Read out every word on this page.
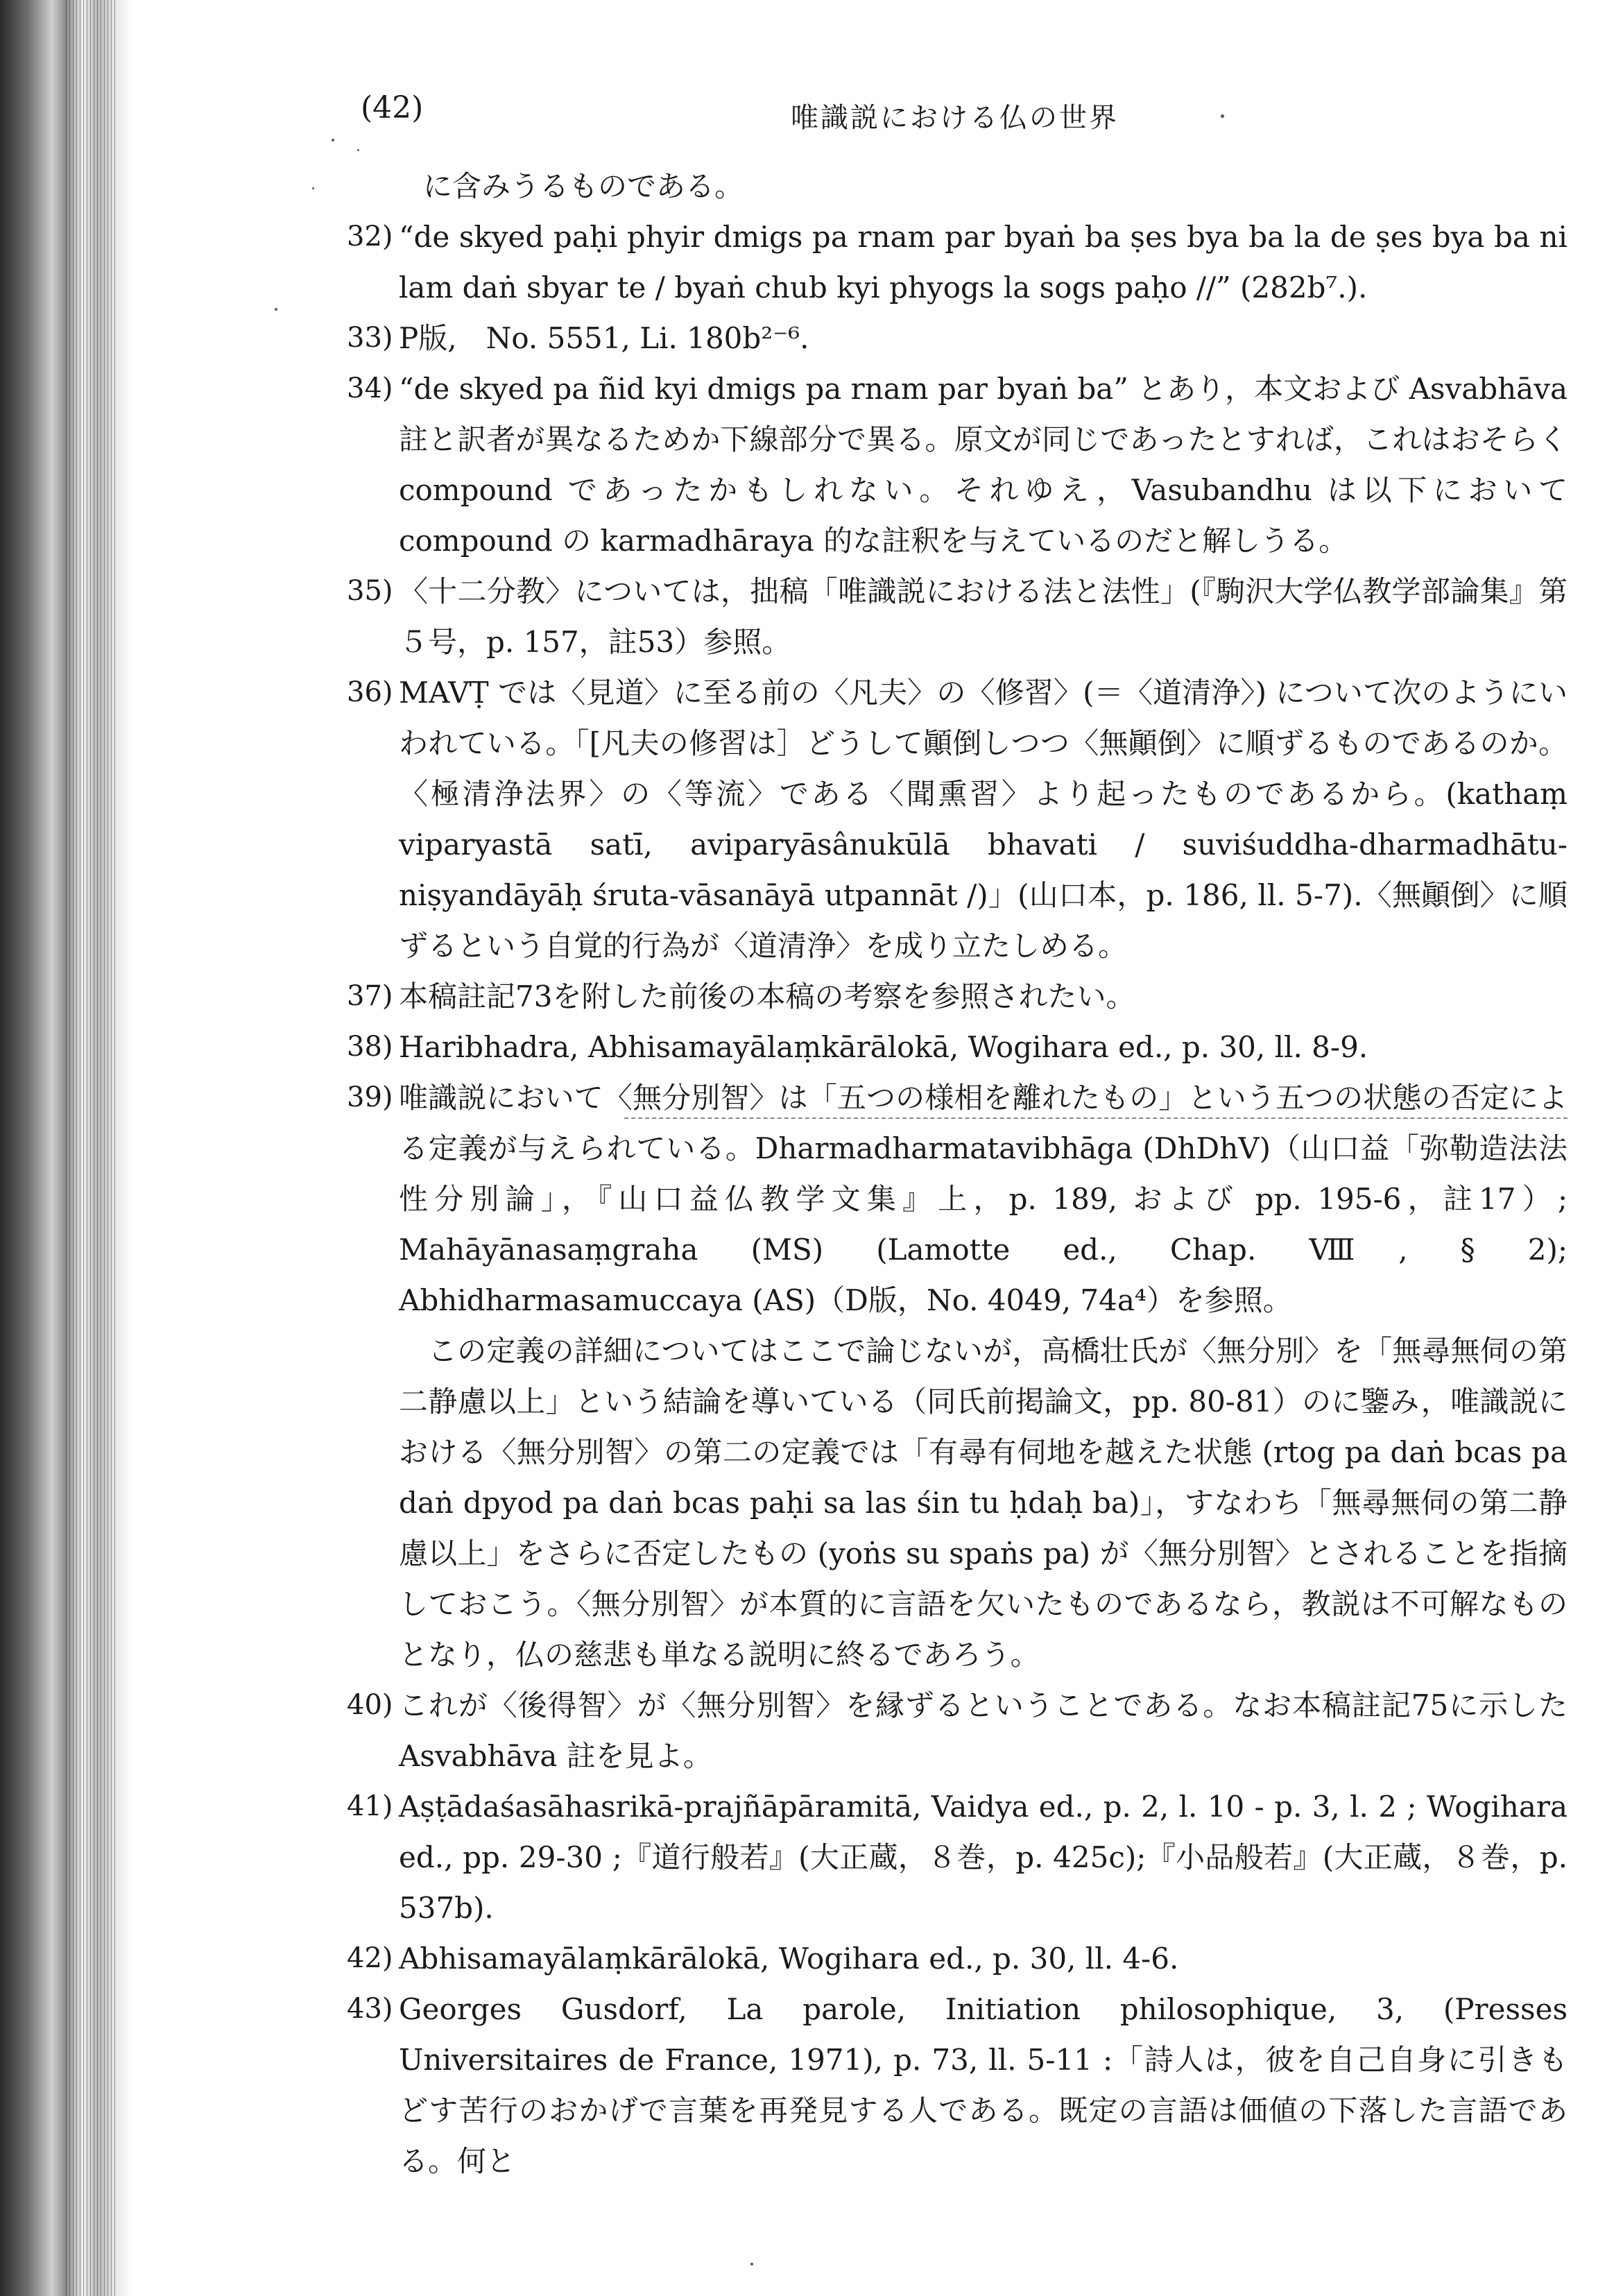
(42)	唯識説における仏の世界
に含みうるものである。
32) “de skyed paḥi phyir dmigs pa rnam par byaṅ ba ṣes bya ba la de ṣes bya ba ni lam daṅ sbyar te / byaṅ chub kyi phyogs la sogs paḥo //” (282b⁷.).
33) P版,　No. 5551, Li. 180b²⁻⁶.
34) “de skyed pa ñid kyi dmigs pa rnam par byaṅ ba” とあり，本文および Asvabhāva 註と訳者が異なるためか下線部分で異る。原文が同じであったとすれば，これはおそらく compound であったかもしれない。それゆえ，Vasubandhu は以下において compound の karmadhāraya 的な註釈を与えているのだと解しうる。
35) 〈十二分教〉については，拙稿「唯識説における法と法性」(『駒沢大学仏教学部論集』第５号，p. 157，註53）参照。
36) MAVṬ では〈見道〉に至る前の〈凡夫〉の〈修習〉(＝〈道清浄〉) について次のようにいわれている。「[凡夫の修習は］どうして顚倒しつつ〈無顚倒〉に順ずるものであるのか。〈極清浄法界〉の〈等流〉である〈聞熏習〉より起ったものであるから。(kathaṃ viparyastā satī, aviparyāsânukūlā bhavati / suviśuddha-dharmadhātu-niṣyandāyāḥ śruta-vāsanāyā utpannāt /)」(山口本，p. 186, ll. 5-7).〈無顚倒〉に順ずるという自覚的行為が〈道清浄〉を成り立たしめる。
37) 本稿註記73を附した前後の本稿の考察を参照されたい。
38) Haribhadra, Abhisamayālaṃkārālokā, Wogihara ed., p. 30, ll. 8-9.
39) 唯識説において〈無分別智〉は「五つの様相を離れたもの」という五つの状態の否定による定義が与えられている。Dharmadharmatavibhāga (DhDhV)（山口益「弥勒造法法性分別論」，『山口益仏教学文集』上，p. 189, および pp. 195-6，註17）; Mahāyānasaṃgraha (MS) (Lamotte ed., Chap. Ⅷ, § 2); Abhidharmasamuccaya (AS)（D版，No. 4049, 74a⁴）を参照。
この定義の詳細についてはここで論じないが，高橋壮氏が〈無分別〉を「無尋無伺の第二静慮以上」という結論を導いている（同氏前掲論文，pp. 80-81）のに鑒み，唯識説における〈無分別智〉の第二の定義では「有尋有伺地を越えた状態 (rtog pa daṅ bcas pa daṅ dpyod pa daṅ bcas paḥi sa las śin tu ḥdaḥ ba)」，すなわち「無尋無伺の第二静慮以上」をさらに否定したもの (yoṅs su spaṅs pa) が〈無分別智〉とされることを指摘しておこう。〈無分別智〉が本質的に言語を欠いたものであるなら，教説は不可解なものとなり，仏の慈悲も単なる説明に終るであろう。
40) これが〈後得智〉が〈無分別智〉を縁ずるということである。なお本稿註記75に示した Asvabhāva 註を見よ。
41) Aṣṭādaśasāhasrikā-prajñāpāramitā, Vaidya ed., p. 2, l. 10 - p. 3, l. 2 ; Wogihara ed., pp. 29-30 ;『道行般若』(大正蔵，８巻，p. 425c);『小品般若』(大正蔵，８巻，p. 537b).
42) Abhisamayālaṃkārālokā, Wogihara ed., p. 30, ll. 4-6.
43) Georges Gusdorf, La parole, Initiation philosophique, 3, (Presses Universitaires de France, 1971), p. 73, ll. 5-11 :「詩人は，彼を自己自身に引きもどす苦行のおかげで言葉を再発見する人である。既定の言語は価値の下落した言語である。何と
